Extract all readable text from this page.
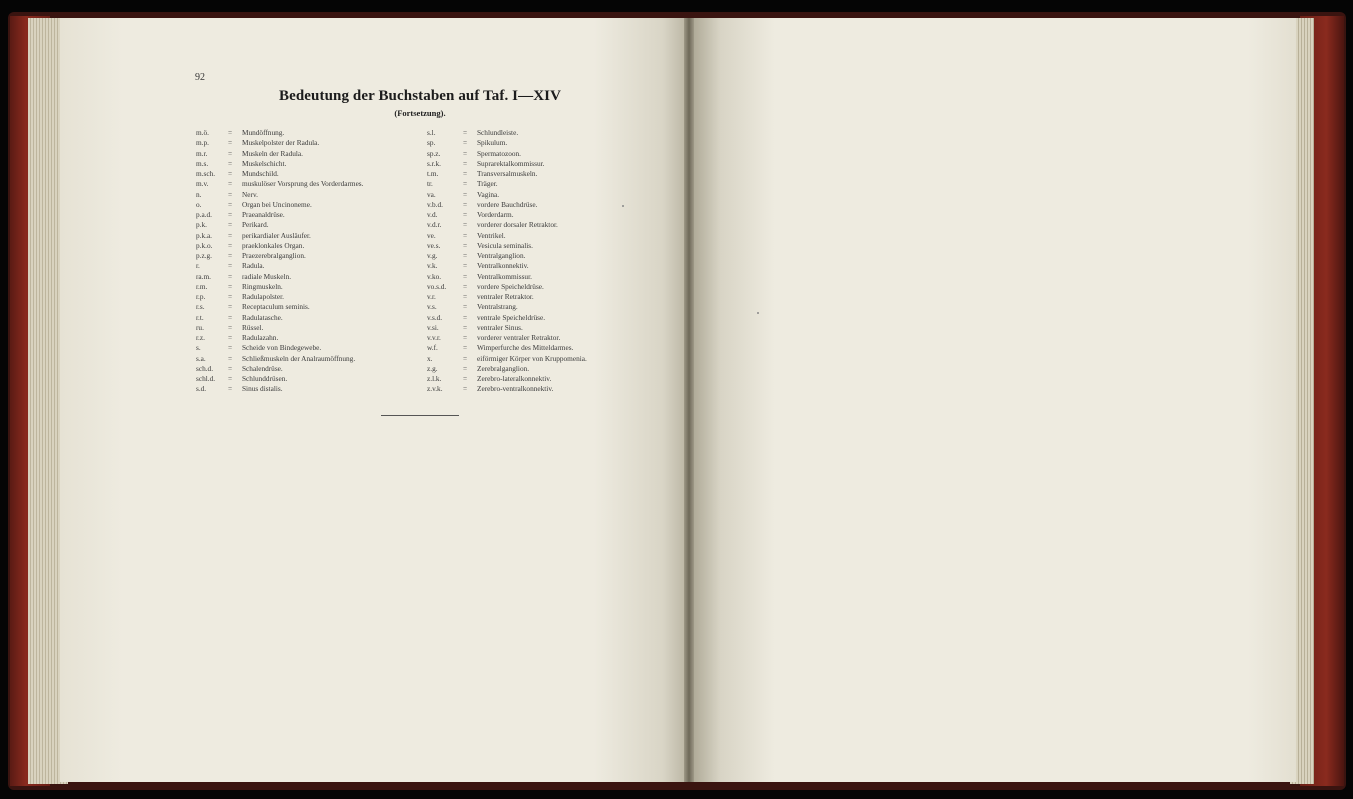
92
Bedeutung der Buchstaben auf Taf. I—XIV
(Fortsetzung).
m.ö.	=	Mundöffnung.
m.p.	=	Muskelpolster der Radula.
m.r.	=	Muskeln der Radula.
m.s.	=	Muskelschicht.
m.sch.	=	Mundschild.
m.v.	=	muskulöser Vorsprung des Vorderdarmes.
n.	=	Nerv.
o.	=	Organ bei Uncinoneme.
p.a.d.	=	Praeanaldrüse.
p.k.	=	Perikard.
p.k.a.	=	perikardialer Ausläufer.
p.k.o.	=	praeklonkales Organ.
p.z.g.	=	Praezerebralganglion.
r.	=	Radula.
ra.m.	=	radiale Muskeln.
r.m.	=	Ringmuskeln.
r.p.	=	Radulapolster.
r.s.	=	Receptaculum seminis.
r.t.	=	Radulatasche.
ru.	=	Rüssel.
r.z.	=	Radulazahn.
s.	=	Scheide von Bindegewebe.
s.a.	=	Schließmuskeln der Analraumöffnung.
sch.d.	=	Schalendrüse.
schl.d.	=	Schlunddrüsen.
s.d.	=	Sinus distalis.
s.l.	=	Schlundleiste.
sp.	=	Spikulum.
sp.z.	=	Spermatozoon.
s.r.k.	=	Suprarektalkommissur.
t.m.	=	Transversalmuskeln.
tr.	=	Träger.
va.	=	Vagina.
v.b.d.	=	vordere Bauchdrüse.
v.d.	=	Vorderdarm.
v.d.r.	=	vorderer dorsaler Retraktor.
ve.	=	Ventrikel.
ve.s.	=	Vesicula seminalis.
v.g.	=	Ventralganglion.
v.k.	=	Ventralkonnektiv.
v.ko.	=	Ventralkommissur.
vo.s.d.	=	vordere Speicheldrüse.
v.r.	=	ventraler Retraktor.
v.s.	=	Ventralstrang.
v.s.d.	=	ventrale Speicheldrüse.
v.si.	=	ventraler Sinus.
v.v.r.	=	vorderer ventraler Retraktor.
w.f.	=	Wimperfurche des Mitteldarmes.
x.	=	eiförmiger Körper von Kruppomenia.
z.g.	=	Zerebralganglion.
z.l.k.	=	Zerebro-lateralkonnektiv.
z.v.k.	=	Zerebro-ventralkonnektiv.
